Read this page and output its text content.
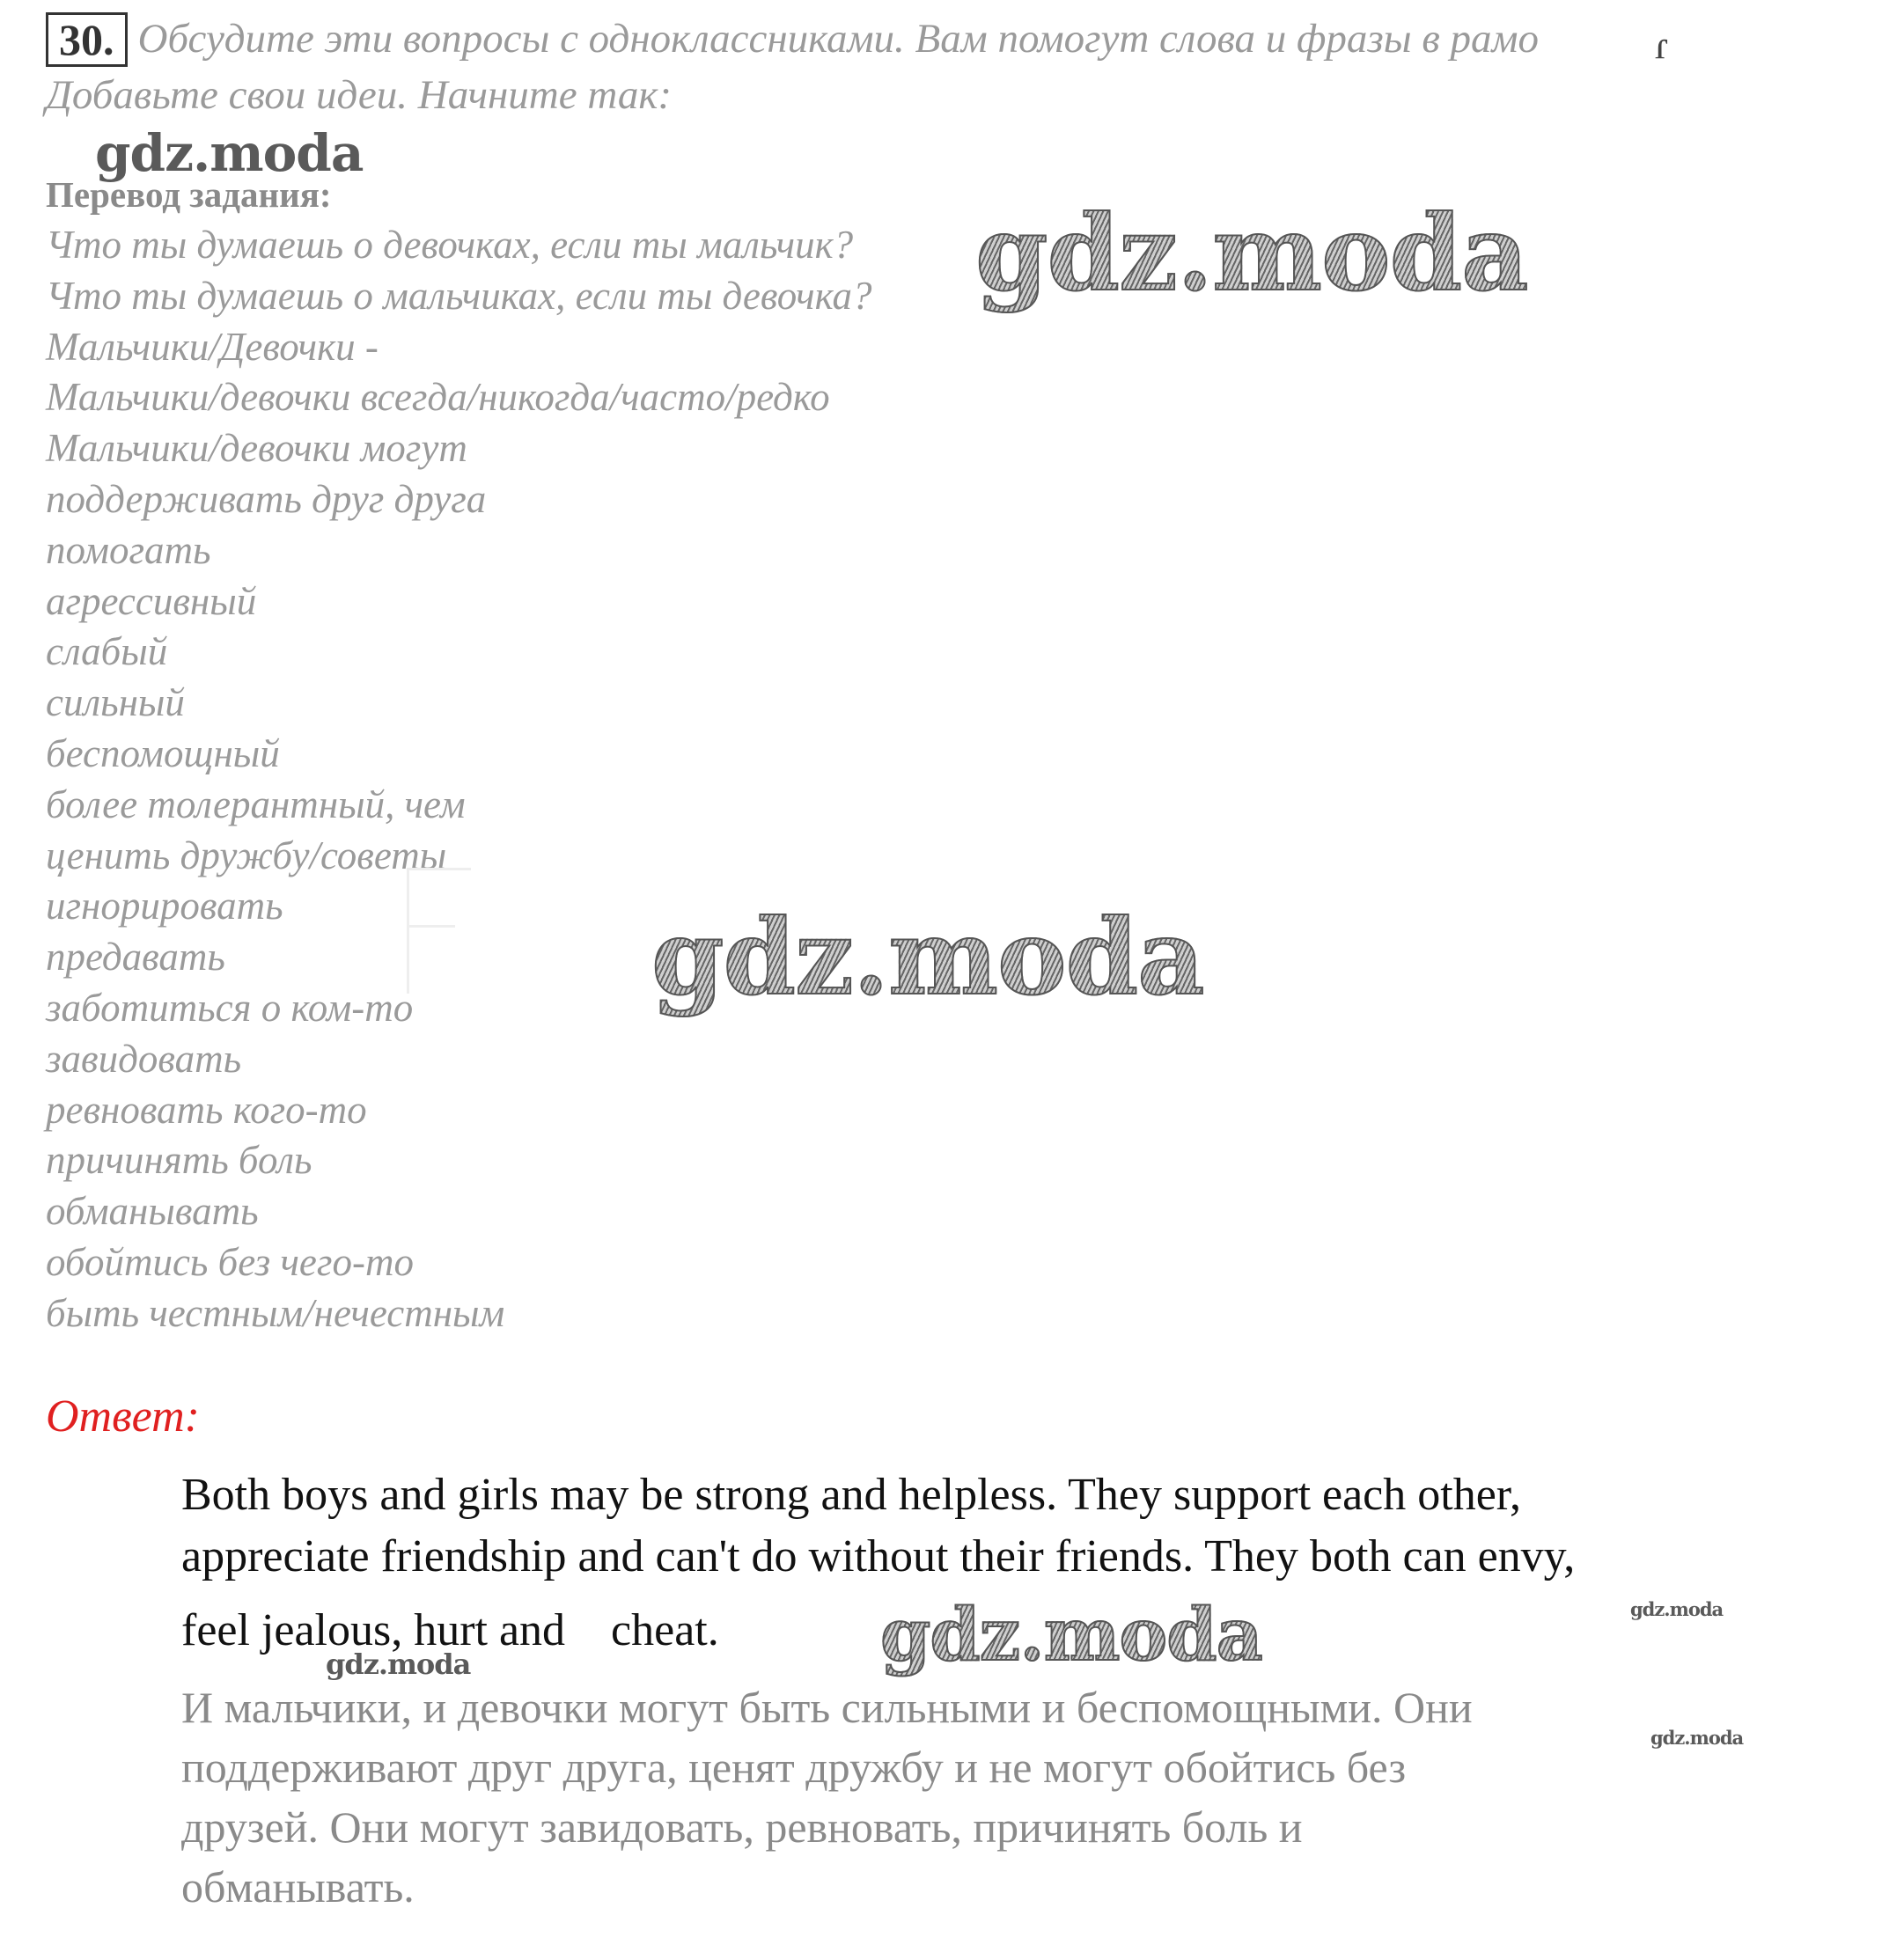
30. Обсудите эти вопросы с одноклассниками. Вам помогут слова и фразы в рамо
Добавьте свои идеи. Начните так:
ɾ
Перевод задания:
Что ты думаешь о девочках, если ты мальчик?
Что ты думаешь о мальчиках, если ты девочка?
Мальчики/Девочки -
Мальчики/девочки всегда/никогда/часто/редко
Мальчики/девочки могут
поддерживать друг друга
помогать
агрессивный
слабый
сильный
беспомощный
более толерантный, чем
ценить дружбу/советы
игнорировать
предавать
заботиться о ком-то
завидовать
ревновать кого-то
причинять боль
обманывать
обойтись без чего-то
быть честным/нечестным
Ответ:
Both boys and girls may be strong and helpless. They support each other,
appreciate friendship and can't do without their friends. They both can envy,
feel jealous, hurt and    cheat.
И мальчики, и девочки могут быть сильными и беспомощными. Они
поддерживают друг друга, ценят дружбу и не могут обойтись без
друзей. Они могут завидовать, ревновать, причинять боль и
обманывать.
gdz.moda
gdz.moda
gdz.moda
gdz.moda
gdz.moda
gdz.moda
gdz.moda
